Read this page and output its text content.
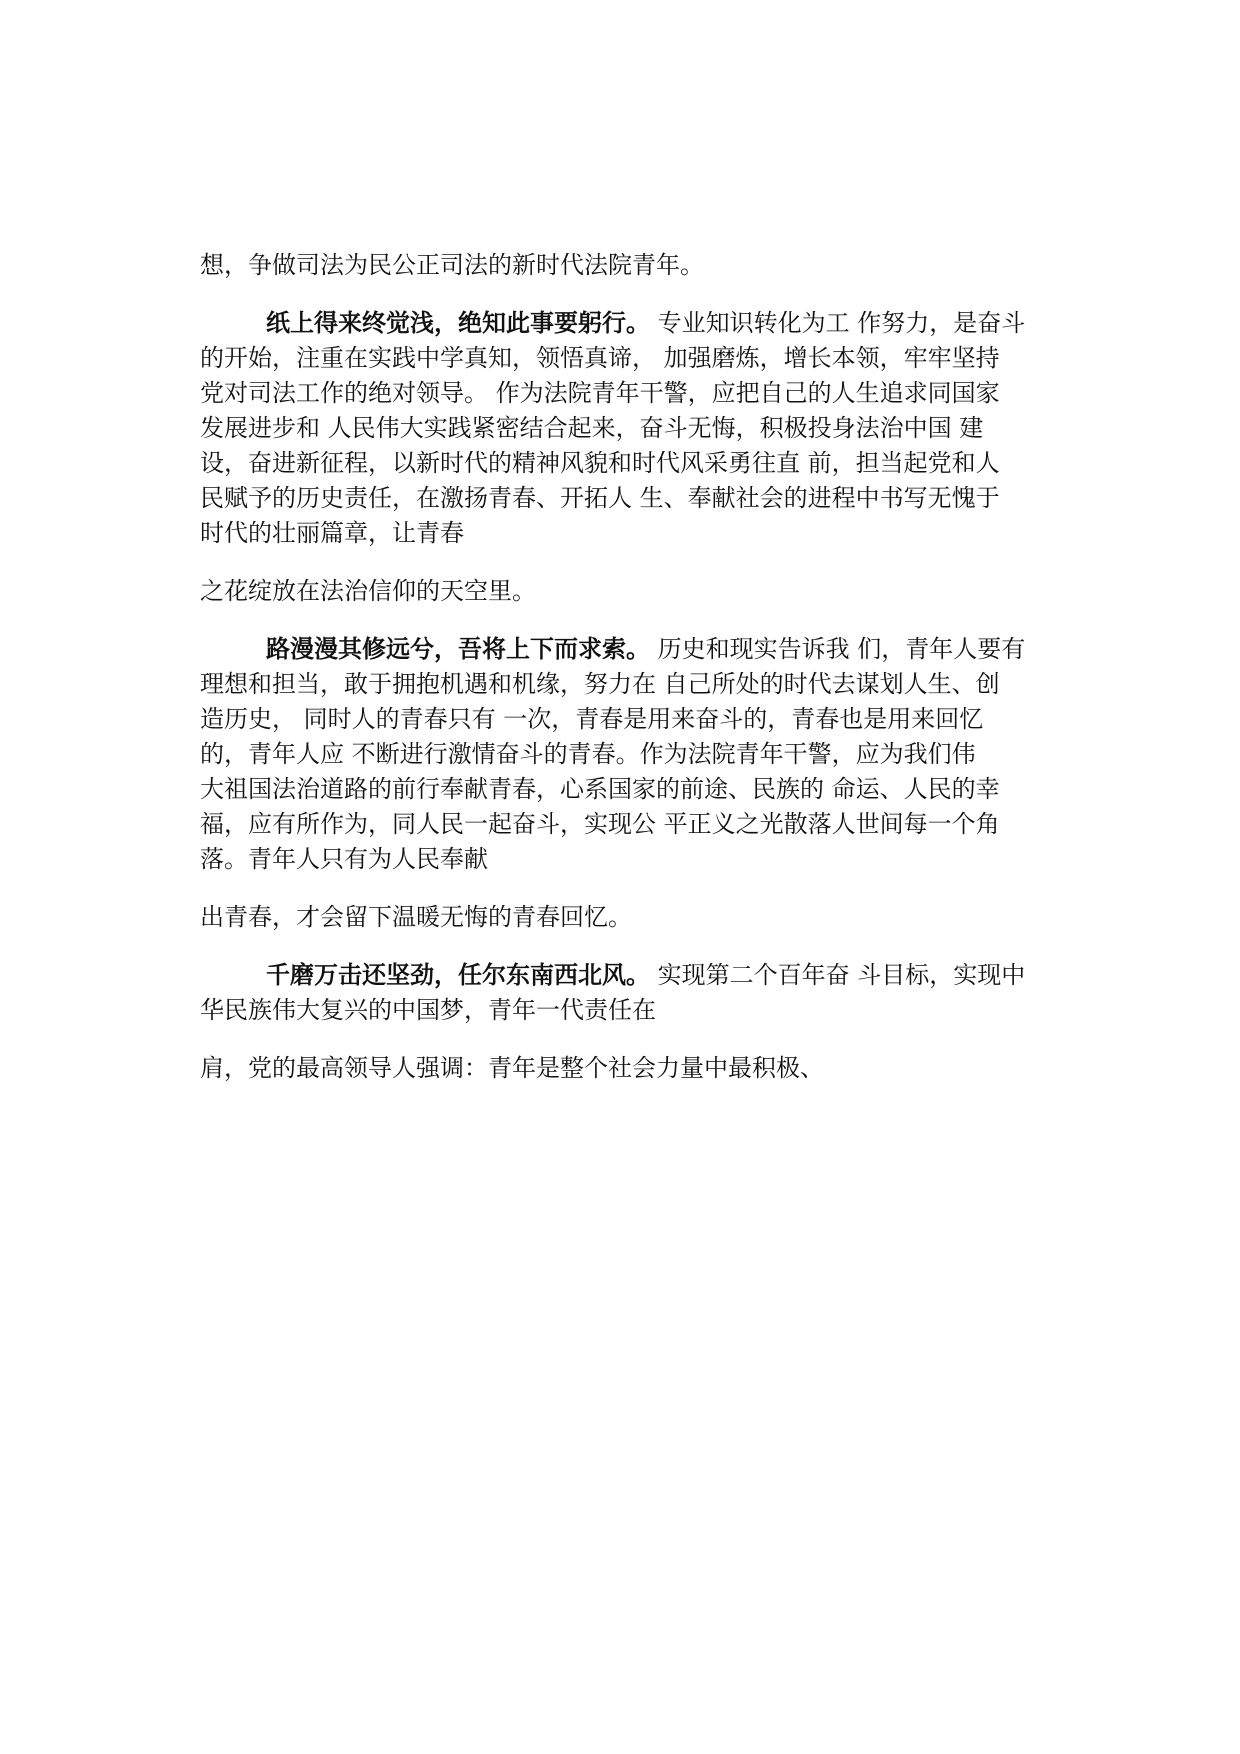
想，争做司法为民公正司法的新时代法院青年。
纸上得来终觉浅，绝知此事要躬行。 专业知识转化为工 作努力，是奋斗
的开始，注重在实践中学真知，领悟真谛， 加强磨炼，增长本领，牢牢坚持
党对司法工作的绝对领导。 作为法院青年干警，应把自己的人生追求同国家
发展进步和 人民伟大实践紧密结合起来，奋斗无悔，积极投身法治中国 建
设，奋进新征程，以新时代的精神风貌和时代风采勇往直 前，担当起党和人
民赋予的历史责任，在激扬青春、开拓人 生、奉献社会的进程中书写无愧于
时代的壮丽篇章，让青春
之花绽放在法治信仰的天空里。
路漫漫其修远兮，吾将上下而求索。 历史和现实告诉我 们，青年人要有
理想和担当，敢于拥抱机遇和机缘，努力在 自己所处的时代去谋划人生、创
造历史， 同时人的青春只有 一次，青春是用来奋斗的，青春也是用来回忆
的，青年人应 不断进行激情奋斗的青春。作为法院青年干警，应为我们伟
大祖国法治道路的前行奉献青春，心系国家的前途、民族的 命运、人民的幸
福，应有所作为，同人民一起奋斗，实现公 平正义之光散落人世间每一个角
落。青年人只有为人民奉献
出青春，才会留下温暖无悔的青春回忆。
千磨万击还坚劲，任尔东南西北风。 实现第二个百年奋 斗目标，实现中
华民族伟大复兴的中国梦，青年一代责任在
肩，党的最高领导人强调：青年是整个社会力量中最积极、
